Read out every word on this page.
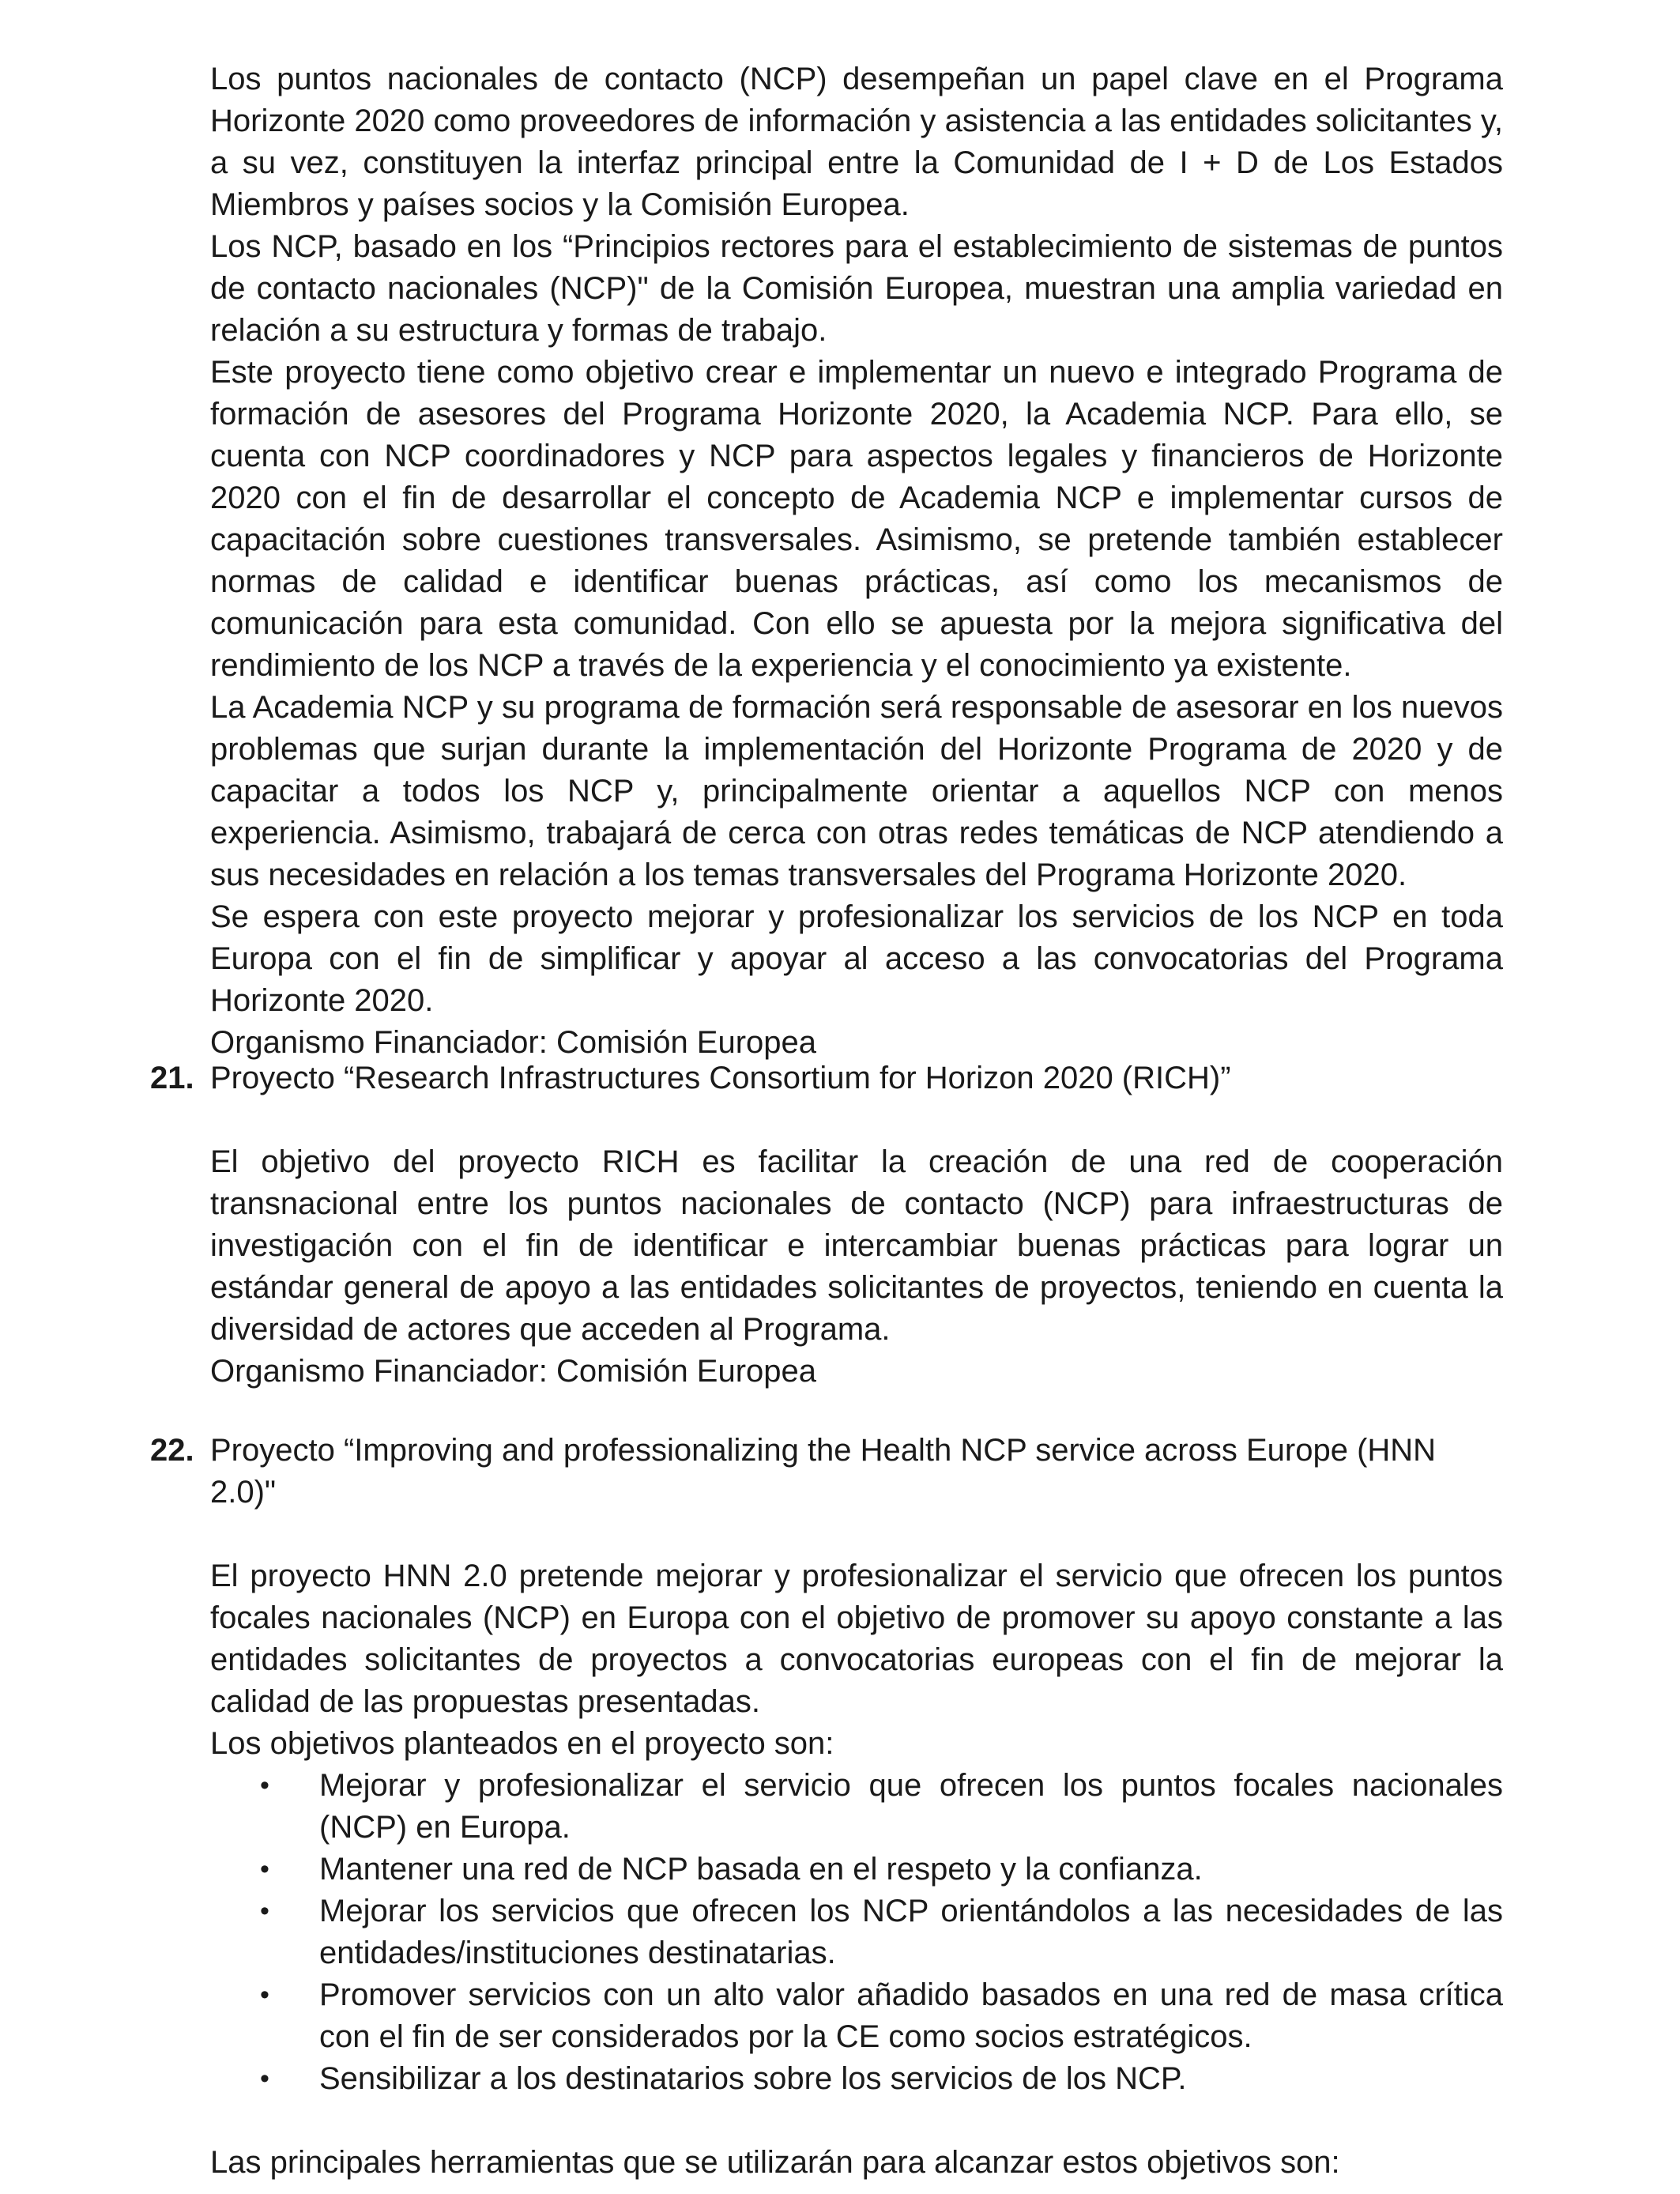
Los puntos nacionales de contacto (NCP) desempeñan un papel clave en el Programa Horizonte 2020 como proveedores de información y asistencia a las entidades solicitantes y, a su vez, constituyen la interfaz principal entre la Comunidad de I + D de Los Estados Miembros y países socios y la Comisión Europea.

Los NCP, basado en los “Principios rectores para el establecimiento de sistemas de puntos de contacto nacionales (NCP)" de la Comisión Europea, muestran una amplia variedad en relación a su estructura y formas de trabajo.

Este proyecto tiene como objetivo crear e implementar un nuevo e integrado Programa de formación de asesores del Programa Horizonte 2020, la Academia NCP. Para ello, se cuenta con NCP coordinadores y NCP para aspectos legales y financieros de Horizonte 2020 con el fin de desarrollar el concepto de Academia NCP e implementar cursos de capacitación sobre cuestiones transversales. Asimismo, se pretende también establecer normas de calidad e identificar buenas prácticas, así como los mecanismos de comunicación para esta comunidad. Con ello se apuesta por la mejora significativa del rendimiento de los NCP a través de la experiencia y el conocimiento ya existente.

La Academia NCP y su programa de formación será responsable de asesorar en los nuevos problemas que surjan durante la implementación del Horizonte Programa de 2020 y de capacitar a todos los NCP y, principalmente orientar a aquellos NCP con menos experiencia. Asimismo, trabajará de cerca con otras redes temáticas de NCP atendiendo a sus necesidades en relación a los temas transversales del Programa Horizonte 2020.

Se espera con este proyecto mejorar y profesionalizar los servicios de los NCP en toda Europa con el fin de simplificar y apoyar al acceso a las convocatorias del Programa Horizonte 2020.

Organismo Financiador: Comisión Europea

21. Proyecto “Research Infrastructures Consortium for Horizon 2020 (RICH)”

El objetivo del proyecto RICH es facilitar la creación de una red de cooperación transnacional entre los puntos nacionales de contacto (NCP) para infraestructuras de investigación con el fin de identificar e intercambiar buenas prácticas para lograr un estándar general de apoyo a las entidades solicitantes de proyectos, teniendo en cuenta la diversidad de actores que acceden al Programa.

Organismo Financiador: Comisión Europea

22. Proyecto “Improving and professionalizing the Health NCP service across Europe (HNN 2.0)"

El proyecto HNN 2.0 pretende mejorar y profesionalizar el servicio que ofrecen los puntos focales nacionales (NCP) en Europa con el objetivo de promover su apoyo constante a las entidades solicitantes de proyectos a convocatorias europeas con el fin de mejorar la calidad de las propuestas presentadas.

Los objetivos planteados en el proyecto son:

•	Mejorar y profesionalizar el servicio que ofrecen los puntos focales nacionales (NCP) en Europa.
•	Mantener una red de NCP basada en el respeto y la confianza.
•	Mejorar los servicios que ofrecen los NCP orientándolos a las necesidades de las entidades/instituciones destinatarias.
•	Promover servicios con un alto valor añadido basados en una red de masa crítica con el fin de ser considerados por la CE como socios estratégicos.
•	Sensibilizar a los destinatarios sobre los servicios de los NCP.

Las principales herramientas que se utilizarán para alcanzar estos objetivos son:
